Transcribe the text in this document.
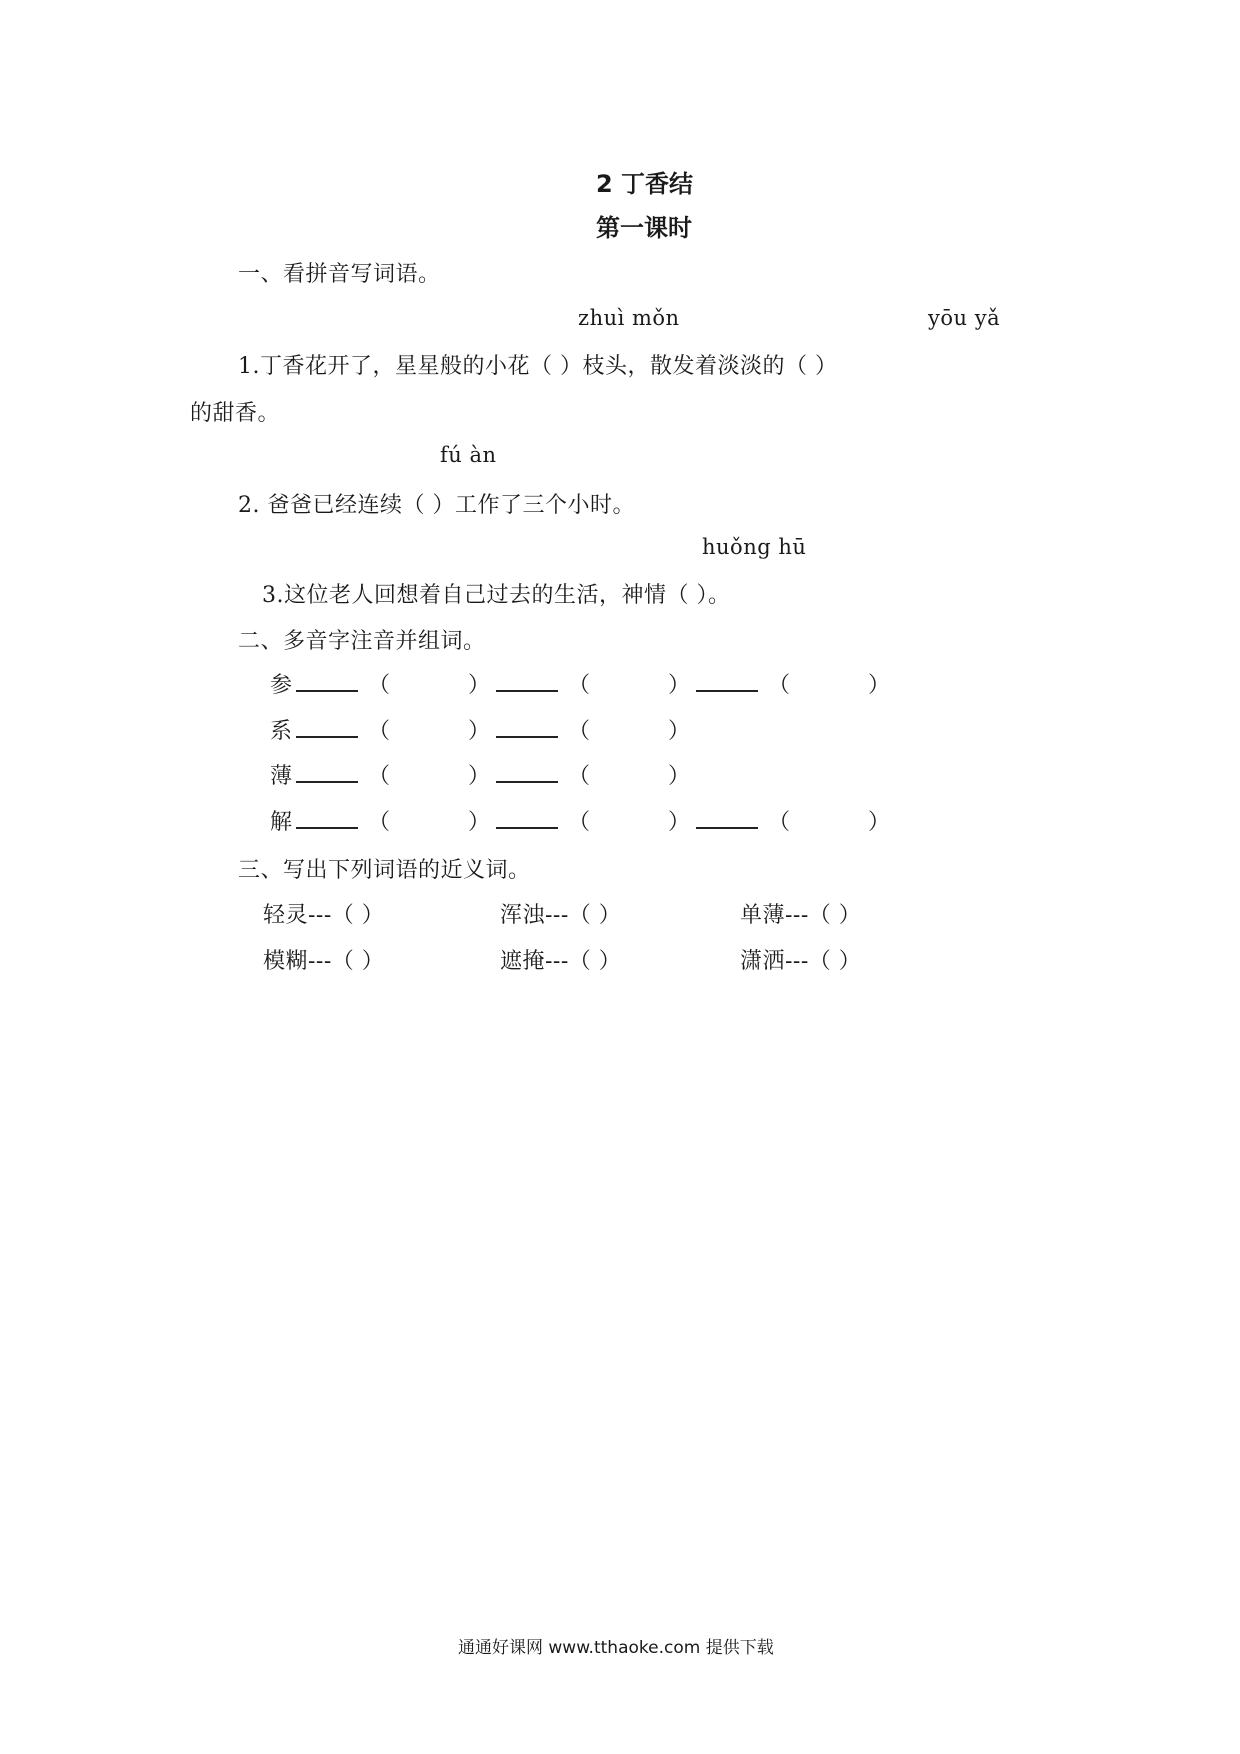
2 丁香结
第一课时
一、看拼音写词语。
zhuì mǒn	yōu yǎ
1.丁香花开了，星星般的小花（ ）枝头，散发着淡淡的（ ）
的甜香。
fú àn
2. 爸爸已经连续（ ）工作了三个小时。
huǒng hū
3.这位老人回想着自己过去的生活，神情（ ）。
二、多音字注音并组词。
参	（	）	（	）	（	）
系	（	）	（	）
薄	（	）	（	）
解	（	）	（	）	（	）
三、写出下列词语的近义词。
轻灵---（ ）	浑浊---（ ）	单薄---（ ）
模糊---（ ）	遮掩---（ ）	潇洒---（ ）
通通好课网 www.tthaoke.com 提供下载
